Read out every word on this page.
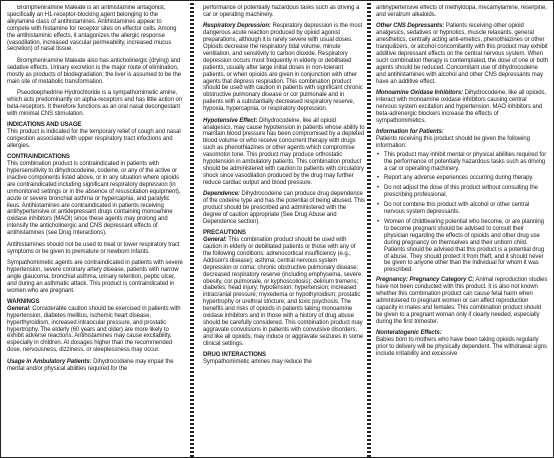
Brompheniramine Maleate is an antihistamine antagonist, specifically an H1-receptor-blocking agent belonging to the alkylamine class of antihistamines. Antihistamines appear to compete with histamine for receptor sites on effector cells. Among the antihistaminic effects, it antagonizes the allergic response (vasodilation, increased vascular permeability, increased mucus secretion) of nasal tissue.

Brompheniramine Maleate also has anticholinergic (drying) and sedative effects. Urinary excretion is the major route of elimination, mostly as products of biodegradation; the liver is assumed to be the main site of metabolic transformation.

Pseudoephedrine Hydrochloride is a sympathomimetic amine, which acts predominantly on alpha-receptors and has little action on beta-receptors. It therefore functions as an oral nasal decongestant with minimal CNS stimulation.

INDICATIONS AND USAGE

This product is indicated for the temporary relief of cough and nasal congestion associated with upper respiratory tract infections and allergies.

CONTRAINDICATIONS

This combination product is contraindicated in patients with hypersensitivity to dihydrocodeine, codeine, or any of the active or inactive components listed above, or in any situation where opioids are contraindicated including significant respiratory depression (in unmonitored settings or in the absence of resuscitation equipment), acute or severe bronchial asthma or hypercapnia, and paralytic ileus. Antihistamines are contraindicated in patients receiving antihypertensive or antidepressant drugs containing monoamine oxidase inhibitors (MAOI) since these agents may prolong and intensify the anticholinergic and CNS depressant effects of antihistamines (see Drug Interactions).

Antihistamines should not be used to treat or lower respiratory tract symptoms or be given to premature or newborn infants.

Sympathomimetic agents are contraindicated in patients with severe hypertension, severe coronary artery disease, patients with narrow angle glaucoma, bronchial asthma, urinary retention, peptic ulcer, and during an asthmatic attack. This product is contraindicated in women who are pregnant.

WARNINGS

General: Considerable caution should be exercised in patients with hypertension, diabetes mellitus, ischemic heart disease, hyperthyroidism, increased intraocular pressure, and prostatic hypertrophy. The elderly (60 years and older) are more likely to exhibit adverse reactions. Antihistamines may cause excitability, especially in children. At dosages higher than the recommended dose, nervousness, dizziness, or sleeplessness may occur.

Usage in Ambulatory Patients: Dihydrocodeine may impair the mental and/or physical abilities required for the

performance of potentially hazardous tasks such as driving a car or operating machinery.

Respiratory Depression: Respiratory depression is the most dangerous acute reaction produced by opioid agonist preparations, although it is rarely severe with usual doses. Opioids decrease the respiratory tidal volume, minute ventilation, and sensitivity to carbon dioxide. Respiratory depression occurs most frequently in elderly or debilitated patients, usually after large initial doses in non-tolerant patients, or when opioids are given in conjunction with other agents that depress respiration. This combination product should be used with caution in patients with significant chronic obstructive pulmonary disease or cor pulmonale and in patients with a substantially decreased respiratory reserve, hypoxia, hypercapnia, or respiratory depression.

Hypotensive Effect: Dihydrocodeine, like all opioid analgesics, may cause hypotension in patients whose ability to maintain blood pressure has been compromised by a depleted blood volume or who receive concurrent therapy with drugs such as phenothiazines or other agents which compromise vasomotor tone. This product may produce orthostatic hypotension in ambulatory patients. This combination product should be administered with caution to patients with circulatory shock since vasodilation produced by the drug may further reduce cardiac output and blood pressure.

Dependence: Dihydrocodeine can produce drug dependence of the codeine type and has the potential of being abused. This product should be prescribed and administered with the degree of caution appropriate (See Drug Abuse and Dependence section).

PRECAUTIONS

General: This combination product should be used with caution in elderly or debilitated patients or those with any of the following conditions: adrenocortical insufficiency (e.g., Addison's disease); asthma; central nervous system depression or coma; chronic obstructive pulmonary disease; decreased respiratory reserve (including emphysema, severe obesity, cor pulmonale, or kyphoscoliosis); delirium tremens; diabetes; head injury; hypotension; hypertension; increased intracranial pressure; myxedema or hypothyroidism; prostatic hypertrophy or urethral stricture; and toxic psychosis. The benefits and risks of opioids in patients taking monoamine oxidase inhibitors and in those with a history of drug abuse should be carefully considered. This combination product may aggravate convulsions in patients with convulsive disorders, and like all opioids, may induce or aggravate seizures in some clinical settings.

DRUG INTERACTIONS

Sympathomimetic amines may reduce the

antihypertensive effects of methyldopa, mecamylamine, reserpine, and veratrum alkaloids.

Other CNS Depressants: Patients receiving other opioid analgesics, sedatives or hypnotics, muscle relaxants, general anesthetics, centrally acting anti-emetics, phenothiazines or other tranquilizers, or alcohol concomitantly with this product may exhibit additive depressant effects on the central nervous system. When such combination therapy is contemplated, the dose of one or both agents should be reduced. Concomitant use of dihydrocodeine and antihistamines with alcohol and other CNS depressants may have an additive effect.

Monoamine Oxidase Inhibitors: Dihydrocodeine, like all opioids, interact with monoamine oxidase inhibitors causing central nervous system excitation and hypertension. MAO inhibitors and beta-adrenergic blockers increase the effects of sympathomimetics.

Information for Patients:

Patients receiving this product should be given the following information:

• This product may inhibit mental or physical abilities required for the performance of potentially hazardous tasks such as driving a car or operating machinery.
• Report any adverse experiences occurring during therapy.
• Do not adjust the dose of this product without consulting the prescribing professional.
• Do not combine this product with alcohol or other central nervous system depressants.
• Women of childbearing potential who become, or are planning to become pregnant should be advised to consult their physician regarding the effects of opioids and other drug use during pregnancy on themselves and their unborn child. Patients should be advised that this product is a potential drug of abuse. They should protect it from theft, and it should never be given to anyone other than the individual for whom it was prescribed.

Pregnancy: Pregnancy Category C: Animal reproduction studies have not been conducted with this product. It is also not known whether this combination product can cause fetal harm when administered to pregnant women or can affect reproduction capacity in males and females. This combination product should be given to a pregnant woman only if clearly needed, especially during the first trimester.

Nonteratogenic Effects:

Babies born to mothers who have been taking opioids regularly prior to delivery will be physically dependent. The withdrawal signs include irritability and excessive
